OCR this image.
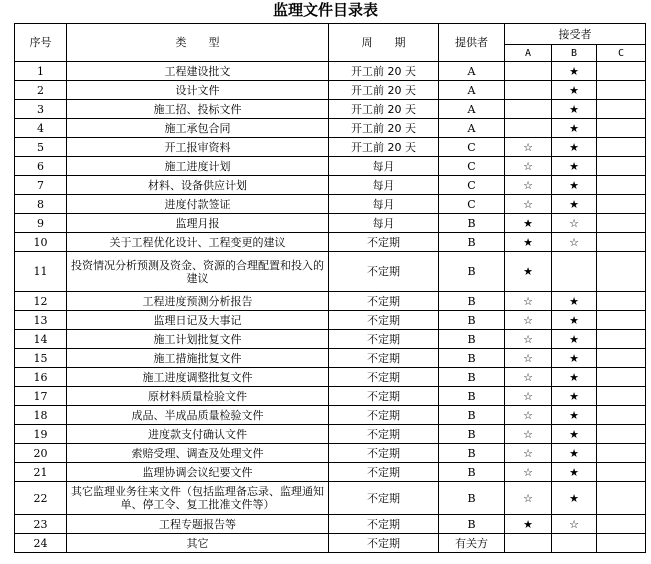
监理文件目录表
序号	类　　型	周　　期	提供者	接受者		
				A	B	C
1	工程建设批文	开工前 20 天	A		★	
2	设计文件	开工前 20 天	A		★	
3	施工招、投标文件	开工前 20 天	A		★	
4	施工承包合同	开工前 20 天	A		★	
5	开工报审资料	开工前 20 天	C	☆	★	
6	施工进度计划	每月	C	☆	★	
7	材料、设备供应计划	每月	C	☆	★	
8	进度付款签证	每月	C	☆	★	
9	监理月报	每月	B	★	☆	
10	关于工程优化设计、工程变更的建议	不定期	B	★	☆	
11	投资情况分析预测及资金、资源的合理配置和投入的建议	不定期	B	★		
12	工程进度预测分析报告	不定期	B	☆	★	
13	监理日记及大事记	不定期	B	☆	★	
14	施工计划批复文件	不定期	B	☆	★	
15	施工措施批复文件	不定期	B	☆	★	
16	施工进度调整批复文件	不定期	B	☆	★	
17	原材料质量检验文件	不定期	B	☆	★	
18	成品、半成品质量检验文件	不定期	B	☆	★	
19	进度款支付确认文件	不定期	B	☆	★	
20	索赔受理、调查及处理文件	不定期	B	☆	★	
21	监理协调会议纪要文件	不定期	B	☆	★	
22	其它监理业务往来文件（包括监理备忘录、监理通知单、停工令、复工批准文件等）	不定期	B	☆	★	
23	工程专题报告等	不定期	B	★	☆	
24	其它	不定期	有关方			
